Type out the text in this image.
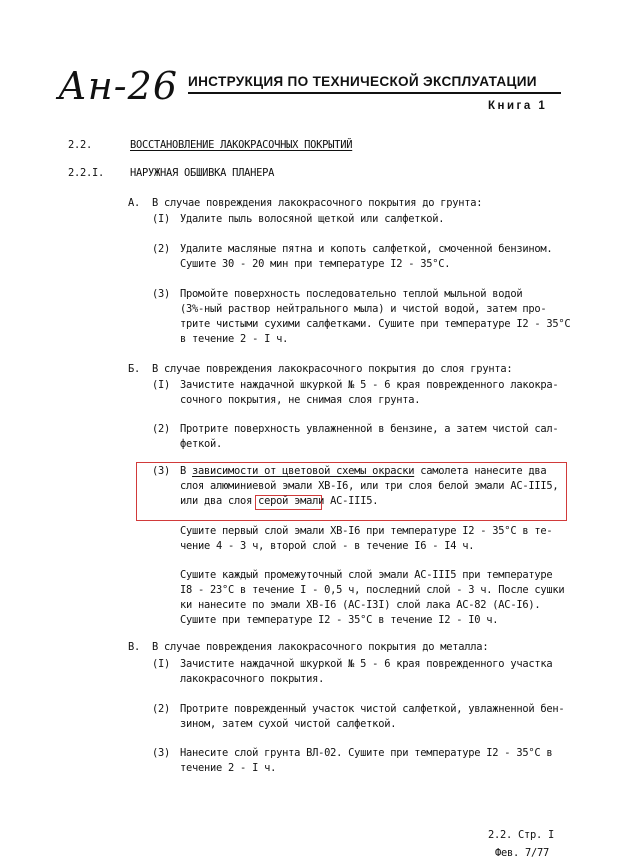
Ан-26 ИНСТРУКЦИЯ ПО ТЕХНИЧЕСКОЙ ЭКСПЛУАТАЦИИ
Книга 1
2.2.	ВОССТАНОВЛЕНИЕ ЛАКОКРАСОЧНЫХ ПОКРЫТИЙ
2.2.I. НАРУЖНАЯ ОБШИВКА ПЛАНЕРА
А. В случае повреждения лакокрасочного покрытия до грунта:
(I) Удалите пыль волосяной щеткой или салфеткой.
(2) Удалите масляные пятна и копоть салфеткой, смоченной бензином.
Сушите 30 - 20 мин при температуре I2 - 35°C.
(3) Промойте поверхность последовательно теплой мыльной водой
(3%-ный раствор нейтрального мыла) и чистой водой, затем про-
трите чистыми сухими салфетками. Сушите при температуре I2 - 35°C
в течение 2 - I ч.
Б. В случае повреждения лакокрасочного покрытия до слоя грунта:
(I) Зачистите наждачной шкуркой № 5 - 6 края поврежденного лакокра-
сочного покрытия, не снимая слоя грунта.
(2) Протрите поверхность увлажненной в бензине, а затем чистой сал-
феткой.
(3) В зависимости от цветовой схемы окраски самолета нанесите два
слоя алюминиевой эмали ХВ-I6, или три слоя белой эмали АС-III5,
или два слоя серой эмали АС-III5.
Сушите первый слой эмали ХВ-I6 при температуре I2 - 35°C в те-
чение 4 - 3 ч, второй слой - в течение I6 - I4 ч.
Сушите каждый промежуточный слой эмали АС-III5 при температуре
I8 - 23°C в течение I - 0,5 ч, последний слой - 3 ч. После сушки
ки нанесите по эмали ХВ-I6 (АС-I3I) слой лака АС-82 (АС-I6).
Сушите при температуре I2 - 35°C в течение I2 - I0 ч.
В. В случае повреждения лакокрасочного покрытия до металла:
(I) Зачистите наждачной шкуркой № 5 - 6 края поврежденного участка
лакокрасочного покрытия.
(2) Протрите поврежденный участок чистой салфеткой, увлажненной бен-
зином, затем сухой чистой салфеткой.
(3) Нанесите слой грунта ВЛ-02. Сушите при температуре I2 - 35°C в
течение 2 - I ч.
2.2. Стр. I
Фев. 7/77
